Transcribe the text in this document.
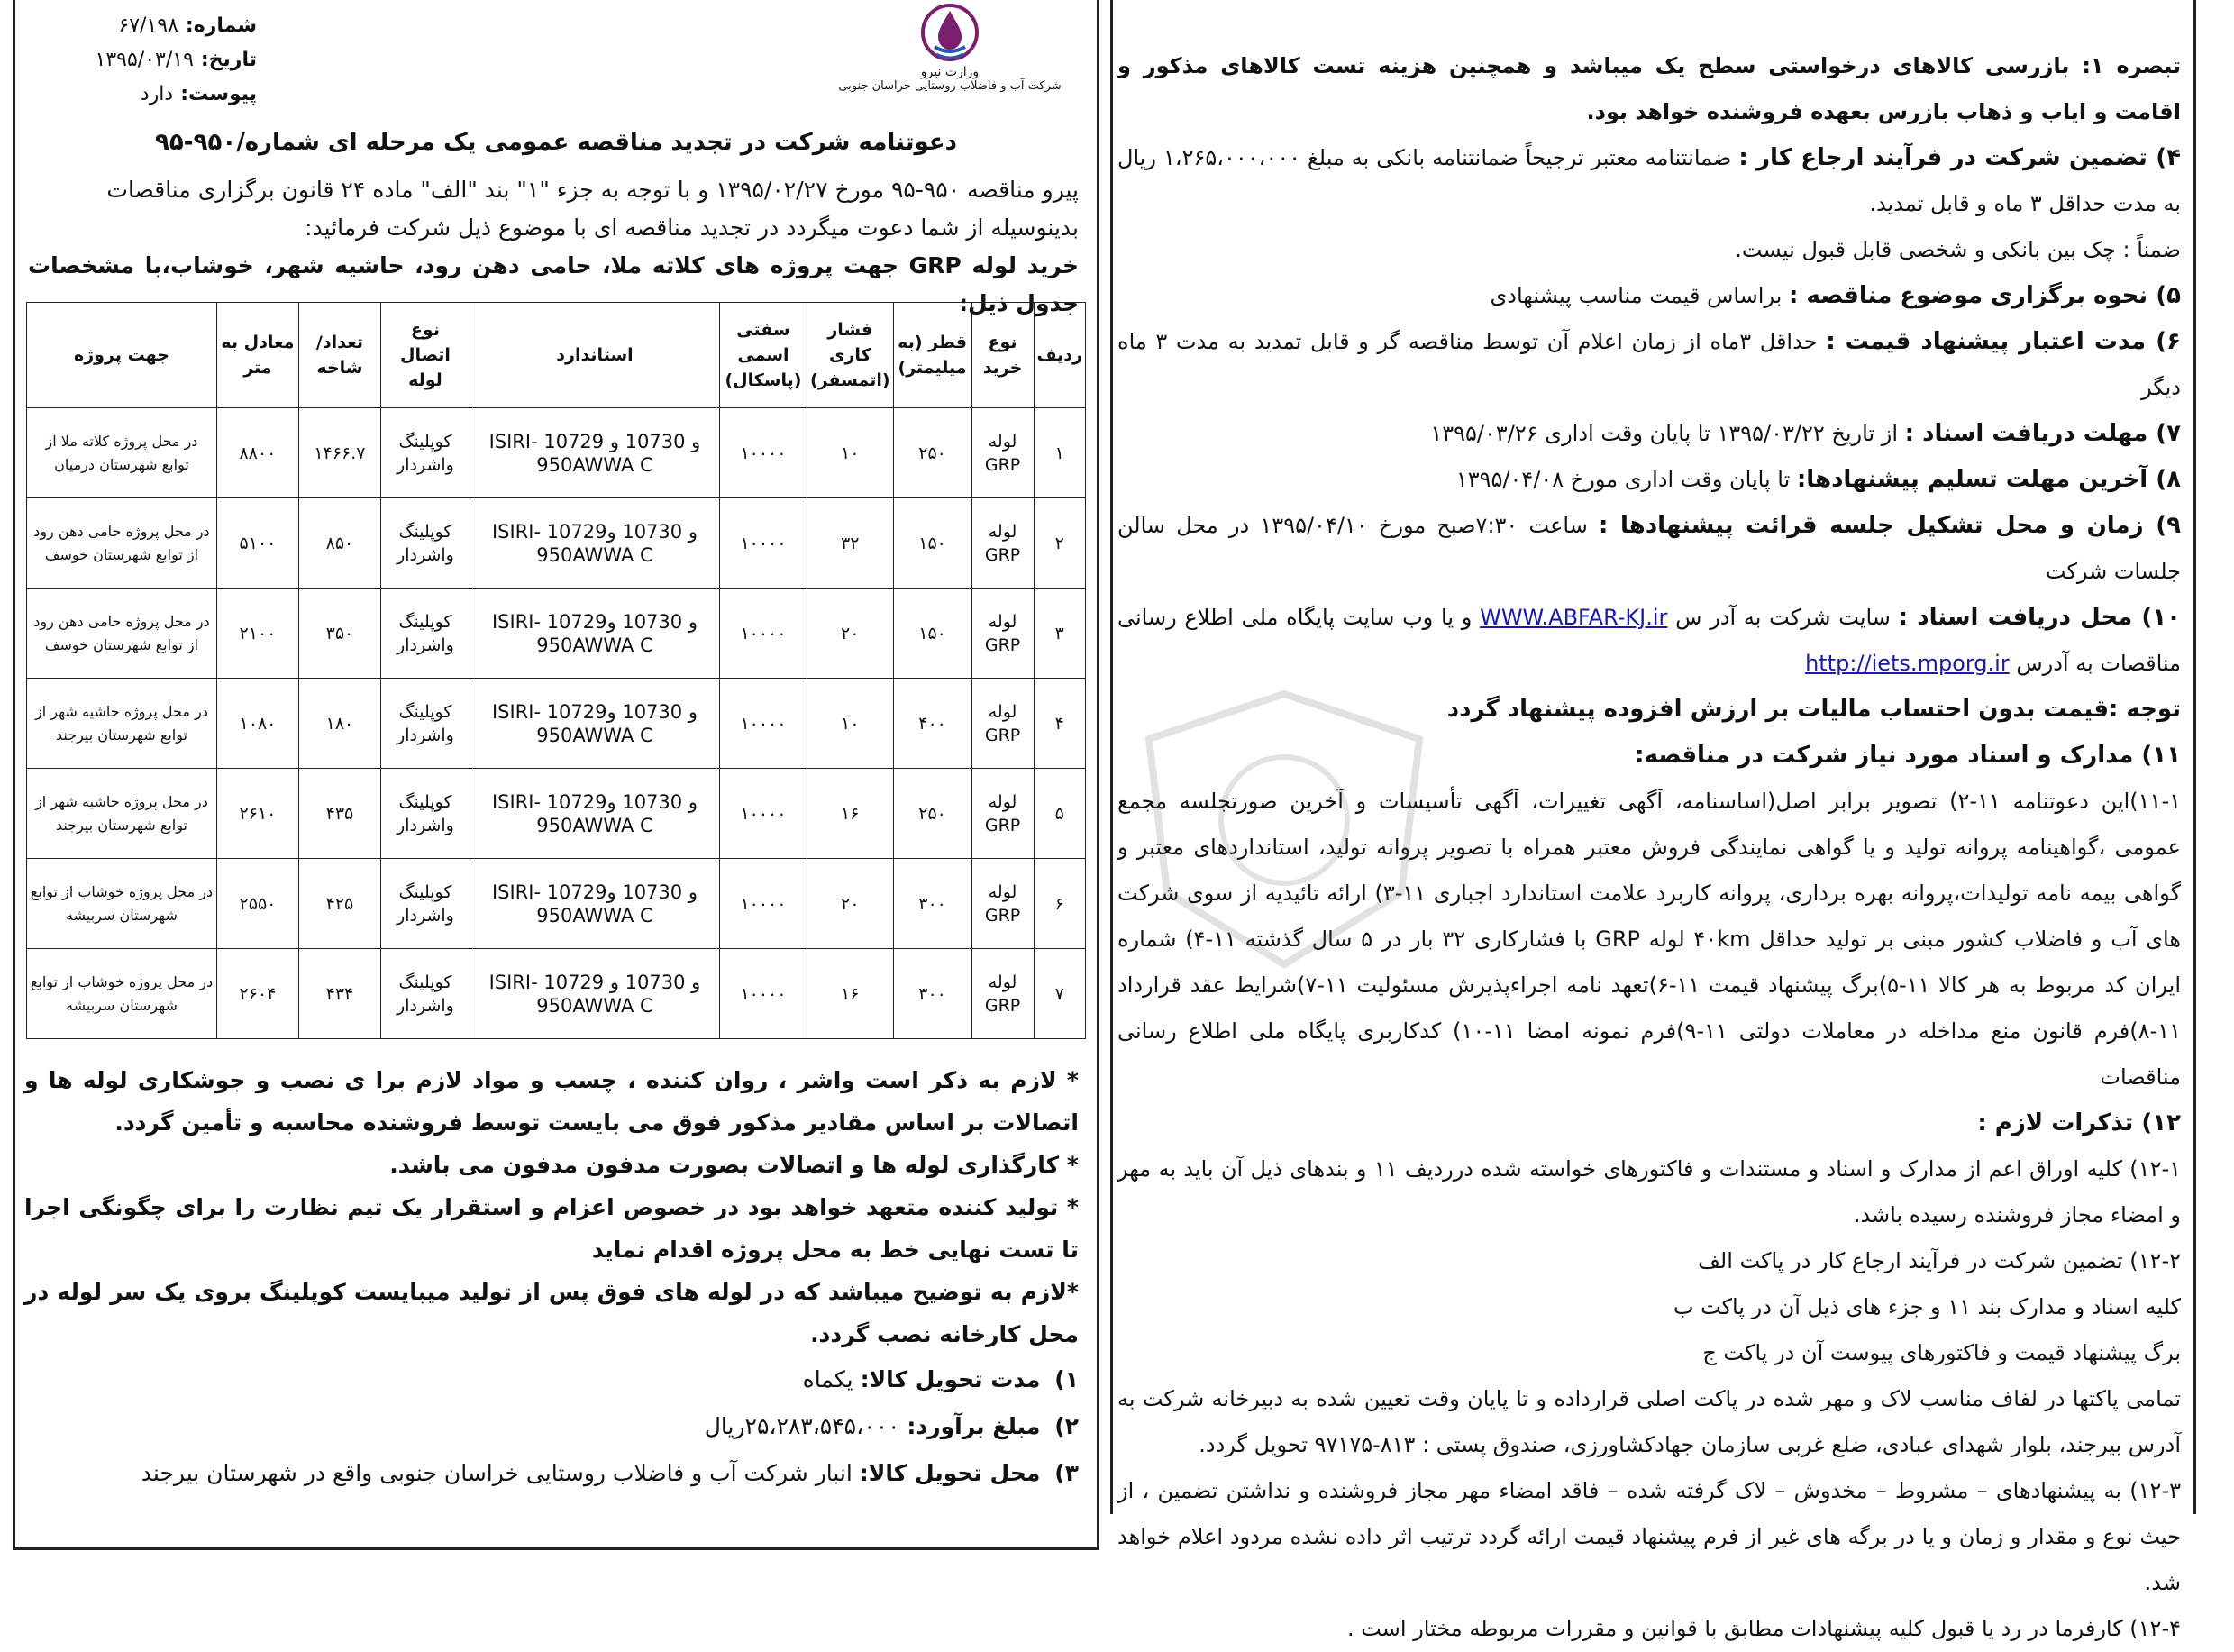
شماره:
۶۷/۱۹۸
تاریخ:
۱۳۹۵/۰۳/۱۹
پیوست:
دارد
وزارت نیرو
شرکت آب و فاضلاب روستایی خراسان جنوبی
دعوتنامه شرکت در تجدید مناقصه عمومی یک مرحله ای شماره/۹۵۰-۹۵

پیرو مناقصه ۹۵۰-۹۵ مورخ ۱۳۹۵/۰۲/۲۷ و با توجه به جزء "۱" بند "الف" ماده ۲۴ قانون برگزاری مناقصات

بدینوسیله از شما دعوت میگردد در تجدید مناقصه ای با موضوع ذیل شرکت فرمائید:

خرید لوله GRP جهت پروژه های کلاته ملا، حامی دهن رود، حاشیه شهر، خوشاب،با مشخصات جدول ذیل:

ردیف	نوع خرید	قطر (به میلیمتر)	فشار کاری (اتمسفر)	سفتی اسمی (پاسکال)	استاندارد	نوع اتصال لوله	تعداد/ شاخه	معادل به متر	جهت پروژه
۱	لوله GRP	۲۵۰	۱۰	۱۰۰۰۰	ISIRI- 10729 و 10730 و 950AWWA C	کوپلینگ واشردار	۱۴۶۶.۷	۸۸۰۰	در محل پروژه کلاته ملا از توابع شهرستان درمیان
۲	لوله GRP	۱۵۰	۳۲	۱۰۰۰۰	ISIRI- 10729و 10730 و 950AWWA C	کوپلینگ واشردار	۸۵۰	۵۱۰۰	در محل پروژه حامی دهن رود از توابع شهرستان خوسف
۳	لوله GRP	۱۵۰	۲۰	۱۰۰۰۰	ISIRI- 10729و 10730 و 950AWWA C	کوپلینگ واشردار	۳۵۰	۲۱۰۰	در محل پروژه حامی دهن رود از توابع شهرستان خوسف
۴	لوله GRP	۴۰۰	۱۰	۱۰۰۰۰	ISIRI- 10729و 10730 و 950AWWA C	کوپلینگ واشردار	۱۸۰	۱۰۸۰	در محل پروژه حاشیه شهر از توابع شهرستان بیرجند
۵	لوله GRP	۲۵۰	۱۶	۱۰۰۰۰	ISIRI- 10729و 10730 و 950AWWA C	کوپلینگ واشردار	۴۳۵	۲۶۱۰	در محل پروژه حاشیه شهر از توابع شهرستان بیرجند
۶	لوله GRP	۳۰۰	۲۰	۱۰۰۰۰	ISIRI- 10729و 10730 و 950AWWA C	کوپلینگ واشردار	۴۲۵	۲۵۵۰	در محل پروژه خوشاب از توابع شهرستان سربیشه
۷	لوله GRP	۳۰۰	۱۶	۱۰۰۰۰	ISIRI- 10729 و 10730 و 950AWWA C	کوپلینگ واشردار	۴۳۴	۲۶۰۴	در محل پروژه خوشاب از توابع شهرستان سربیشه

* لازم به ذکر است واشر ، روان کننده ، چسب و مواد لازم برا ی نصب و جوشکاری لوله ها و اتصالات بر اساس مقادیر مذکور فوق می بایست توسط فروشنده محاسبه و تأمین گردد.

* کارگذاری لوله ها و اتصالات بصورت مدفون مدفون می باشد.

* تولید کننده متعهد خواهد بود در خصوص اعزام و استقرار یک تیم نظارت را برای چگونگی اجرا تا تست نهایی خط به محل پروژه اقدام نماید

*لازم به توضیح میباشد که در لوله های فوق پس از تولید میبایست کوپلینگ بروی یک سر لوله در محل کارخانه نصب گردد.

۱) مدت تحویل کالا: یکماه

۲) مبلغ برآورد: ۲۵،۲۸۳،۵۴۵،۰۰۰ریال

۳) محل تحویل کالا: انبار شرکت آب و فاضلاب روستایی خراسان جنوبی واقع در شهرستان بیرجند

تبصره ۱: بازرسی کالاهای درخواستی سطح یک میباشد و همچنین هزینه تست کالاهای مذکور و اقامت و ایاب و ذهاب بازرس بعهده فروشنده خواهد بود.

۴) تضمین شرکت در فرآیند ارجاع کار : ضمانتنامه معتبر ترجیحاً ضمانتنامه بانکی به مبلغ ۱،۲۶۵،۰۰۰،۰۰۰ ریال به مدت حداقل ۳ ماه و قابل تمدید.

ضمناً : چک بین بانکی و شخصی قابل قبول نیست.

۵) نحوه برگزاری موضوع مناقصه : براساس قیمت مناسب پیشنهادی

۶) مدت اعتبار پیشنهاد قیمت : حداقل ۳ماه از زمان اعلام آن توسط مناقصه گر و قابل تمدید به مدت ۳ ماه دیگر

۷) مهلت دریافت اسناد : از تاریخ ۱۳۹۵/۰۳/۲۲ تا پایان وقت اداری ۱۳۹۵/۰۳/۲۶

۸) آخرین مهلت تسلیم پیشنهادها: تا پایان وقت اداری مورخ ۱۳۹۵/۰۴/۰۸

۹) زمان و محل تشکیل جلسه قرائت پیشنهادها : ساعت ۷:۳۰صبح مورخ ۱۳۹۵/۰۴/۱۰ در محل سالن جلسات شرکت

۱۰) محل دریافت اسناد : سایت شرکت به آدر س WWW.ABFAR-KJ.ir و یا وب سایت پایگاه ملی اطلاع رسانی مناقصات به آدرس http://iets.mporg.ir

توجه :قیمت بدون احتساب مالیات بر ارزش افزوده پیشنهاد گردد

۱۱) مدارک و اسناد مورد نیاز شرکت در مناقصه:

۱۱-۱)این دعوتنامه ۱۱-۲) تصویر برابر اصل(اساسنامه، آگهی تغییرات، آگهی تأسیسات و آخرین صورتجلسه مجمع عمومی ،گواهینامه پروانه تولید و یا گواهی نمایندگی فروش معتبر همراه با تصویر پروانه تولید، استانداردهای معتبر و گواهی بیمه نامه تولیدات،پروانه بهره برداری، پروانه کاربرد علامت استاندارد اجباری ۱۱-۳) ارائه تائیدیه از سوی شرکت های آب و فاضلاب کشور مبنی بر تولید حداقل ۴۰km لوله GRP با فشارکاری ۳۲ بار در ۵ سال گذشته ۱۱-۴) شماره ایران کد مربوط به هر کالا ۱۱-۵)برگ پیشنهاد قیمت ۱۱-۶)تعهد نامه اجراءپذیرش مسئولیت ۱۱-۷)شرایط عقد قرارداد ۱۱-۸)فرم قانون منع مداخله در معاملات دولتی ۱۱-۹)فرم نمونه امضا ۱۱-۱۰) کدکاربری پایگاه ملی اطلاع رسانی مناقصات

۱۲) تذکرات لازم :

۱۲-۱) کلیه اوراق اعم از مدارک و اسناد و مستندات و فاکتورهای خواسته شده درردیف ۱۱ و بندهای ذیل آن باید به مهر و امضاء مجاز فروشنده رسیده باشد.

۱۲-۲) تضمین شرکت در فرآیند ارجاع کار در پاکت الف

کلیه اسناد و مدارک بند ۱۱ و جزء های ذیل آن در پاکت ب

برگ پیشنهاد قیمت و فاکتورهای پیوست آن در پاکت ج

تمامی پاکتها در لفاف مناسب لاک و مهر شده در پاکت اصلی قرارداده و تا پایان وقت تعیین شده به دبیرخانه شرکت به آدرس بیرجند، بلوار شهدای عبادی، ضلع غربی سازمان جهادکشاورزی، صندوق پستی : ۸۱۳-۹۷۱۷۵ تحویل گردد.

۱۲-۳) به پیشنهادهای – مشروط – مخدوش – لاک گرفته شده – فاقد امضاء مهر مجاز فروشنده و نداشتن تضمین ، از حیث نوع و مقدار و زمان و یا در برگه های غیر از فرم پیشنهاد قیمت ارائه گردد ترتیب اثر داده نشده مردود اعلام خواهد شد.

۱۲-۴) کارفرما در رد یا قبول کلیه پیشنهادات مطابق با قوانین و مقررات مربوطه مختار است .
